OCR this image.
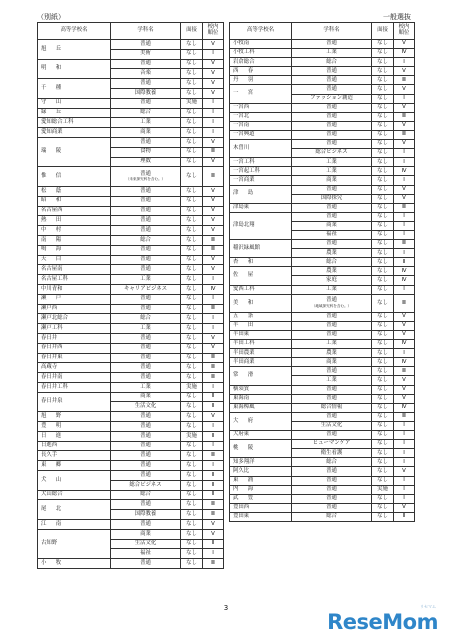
（別紙）	一般選抜
高等学校名	学科名	面接	校内
順位
旭　丘	普通	なし	V
	美術	なし	I
明　和	普通	なし	V
	音楽	なし	V
千　種	普通	なし	V
	国際教養	なし	V
守　山	普通	実施	I
緑　丘	総合	なし	I
愛知総合工科	工業	なし	I
愛知商業	商業	なし	I
瑞　陵	普通	なし	V
	食物	なし	Ⅲ
	理数	なし	V
惟　信	普通
（未来探究科を含む。）	なし	Ⅲ
松　蔭	普通	なし	V
昭　和	普通	なし	V
名古屋西	普通	なし	V
熱　田	普通	なし	V
中　村	普通	なし	V
南　陽	総合	なし	Ⅲ
鳴　海	普通	なし	Ⅲ
天　白	普通	なし	V
名古屋南	普通	なし	V
名古屋工科	工業	なし	I
中川青和	キャリアビジネス	なし	Ⅳ
瀬　戸	普通	なし	I
瀬戸西	普通	なし	Ⅲ
瀬戸北総合	総合	なし	I
瀬戸工科	工業	なし	I
春日井	普通	なし	V
春日井西	普通	なし	V
春日井東	普通	なし	Ⅲ
高蔵寺	普通	なし	Ⅲ
春日井南	普通	なし	Ⅲ
春日井工科	工業	実施	I
春日井泉	商業	なし	Ⅱ
	生活文化	なし	Ⅱ
旭　野	普通	なし	V
豊　明	普通	なし	I
日　進	普通	実施	Ⅱ
日進西	普通	なし	I
長久手	普通	なし	Ⅲ
東　郷	普通	なし	I
犬　山	普通	なし	Ⅱ
	総合ビジネス	なし	Ⅱ
犬山総合	総合	なし	Ⅱ
尾　北	普通	なし	Ⅲ
	国際教養	なし	Ⅲ
江　南	普通	なし	V
古知野	商業	なし	V
	生活文化	なし	Ⅱ
	福祉	なし	I
小　牧	普通	なし	Ⅲ
高等学校名	学科名	面接	校内
順位
小牧南	普通	なし	V
小牧工科	工業	なし	Ⅳ
岩倉総合	総合	なし	I
西　春	普通	なし	V
丹　羽	普通	なし	Ⅲ
一　宮	普通	なし	V
	ファッション創造	なし	I
一宮西	普通	なし	V
一宮北	普通	なし	Ⅲ
一宮南	普通	なし	V
一宮興道	普通	なし	Ⅲ
木曽川	普通	なし	V
	総合ビジネス	なし	I
一宮工科	工業	なし	I
一宮起工科	工業	なし	Ⅳ
一宮商業	商業	なし	I
津　島	普通	なし	V
	国際探究	なし	V
津島東	普通	なし	Ⅲ
津島北翔	普通	なし	I
	商業	なし	I
	福祉	なし	I
稲沢緑風館	普通	なし	Ⅲ
	農業	なし	I
杏　和	総合	なし	Ⅱ
佐　屋	農業	なし	Ⅳ
	家庭	なし	Ⅳ
愛西工科	工業	なし	I
美　和	普通
（地域探究科を含む。）	なし	Ⅲ
五　条	普通	なし	V
半　田	普通	なし	V
半田東	普通	なし	V
半田工科	工業	なし	Ⅳ
半田農業	農業	なし	I
半田商業	商業	なし	Ⅳ
常　滑	普通	なし	Ⅲ
	工業	なし	V
横須賀	普通	なし	V
東海南	普通	なし	V
東海樟風	総合情報	なし	Ⅳ
大　府	普通	なし	Ⅲ
	生活文化	なし	I
大府東	普通	なし	I
桃　陵	ヒューマンケア	なし	I
	衛生看護	なし	I
知多翔洋	総合	なし	I
阿久比	普通	なし	V
東　浦	普通	なし	I
内　海	普通	実施	I
武　豊	普通	なし	I
豊田西	普通	なし	V
豊田東	総合	なし	Ⅱ
3
ReseMom
リセマム
